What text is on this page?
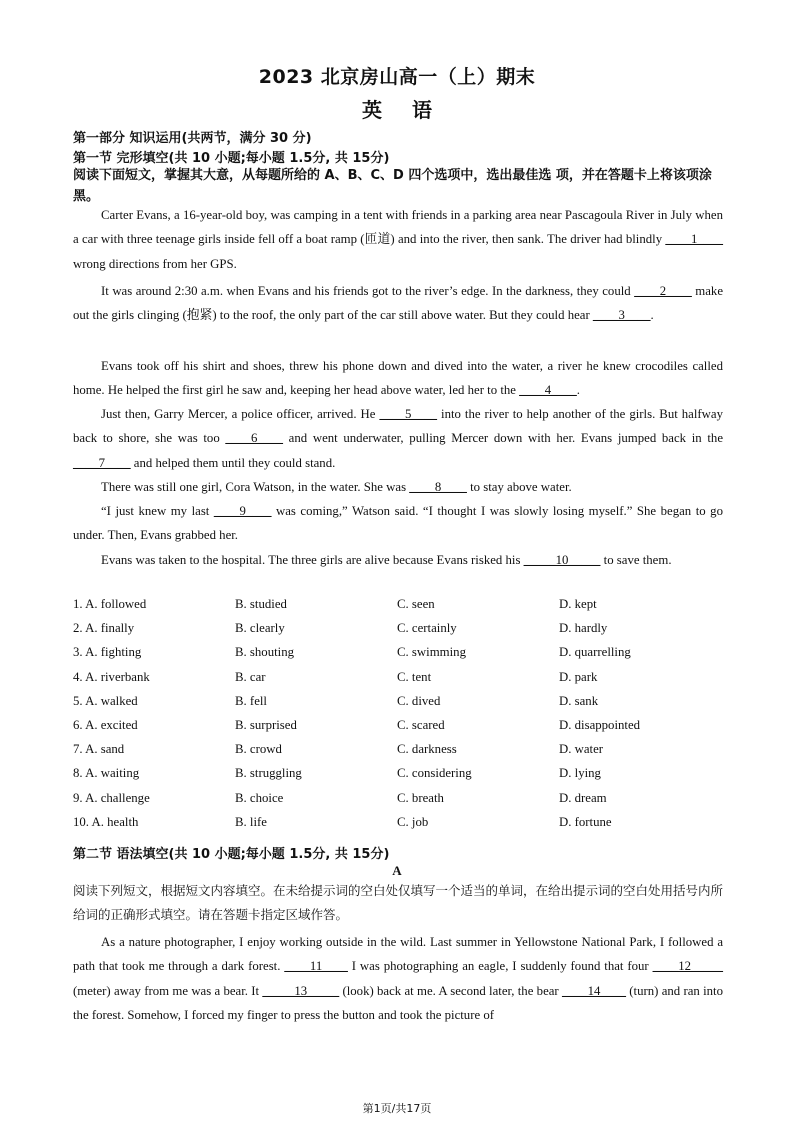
2023 北京房山高一（上）期末
英语
第一部分 知识运用(共两节，满分 30 分)
第一节 完形填空(共 10 小题;每小题 1.5分, 共 15分)
阅读下面短文，掌握其大意，从每题所给的 A、B、C、D 四个选项中，选出最佳选 项，并在答题卡上将该项涂黑。
Carter Evans, a 16-year-old boy, was camping in a tent with friends in a parking area near Pascagoula River in July when a car with three teenage girls inside fell off a boat ramp (匝道) and into the river, then sank. The driver had blindly ____1____ wrong directions from her GPS.
It was around 2:30 a.m. when Evans and his friends got to the river’s edge. In the darkness, they could ____2____ make out the girls clinging (抱紧) to the roof, the only part of the car still above water. But they could hear ____3____.
Evans took off his shirt and shoes, threw his phone down and dived into the water, a river he knew crocodiles called home. He helped the first girl he saw and, keeping her head above water, led her to the ____4____.
Just then, Garry Mercer, a police officer, arrived. He ____5____ into the river to help another of the girls. But halfway back to shore, she was too ____6____ and went underwater, pulling Mercer down with her. Evans jumped back in the ____7____ and helped them until they could stand.
There was still one girl, Cora Watson, in the water. She was ____8____ to stay above water.
“I just knew my last ____9____ was coming,” Watson said. “I thought I was slowly losing myself.” She began to go under. Then, Evans grabbed her.
Evans was taken to the hospital. The three girls are alive because Evans risked his _____10_____ to save them.
1. A. followed	B. studied	C. seen	D. kept
2. A. finally	B. clearly	C. certainly	D. hardly
3. A. fighting	B. shouting	C. swimming	D. quarrelling
4. A. riverbank	B. car	C. tent	D. park
5. A. walked	B. fell	C. dived	D. sank
6. A. excited	B. surprised	C. scared	D. disappointed
7. A. sand	B. crowd	C. darkness	D. water
8. A. waiting	B. struggling	C. considering	D. lying
9. A. challenge	B. choice	C. breath	D. dream
10. A. health	B. life	C. job	D. fortune
第二节 语法填空(共 10 小题;每小题 1.5分, 共 15分)
A
阅读下列短文，根据短文内容填空。在未给提示词的空白处仅填写一个适当的单词，在给出提示词的空白处用括号内所给词的正确形式填空。请在答题卡指定区域作答。
As a nature photographer, I enjoy working outside in the wild. Last summer in Yellowstone National Park, I followed a path that took me through a dark forest. ____11____ I was photographing an eagle, I suddenly found that four ____12_____ (meter) away from me was a bear. It _____13_____ (look) back at me. A second later, the bear ____14____ (turn) and ran into the forest. Somehow, I forced my finger to press the button and took the picture of
第1页/共17页
